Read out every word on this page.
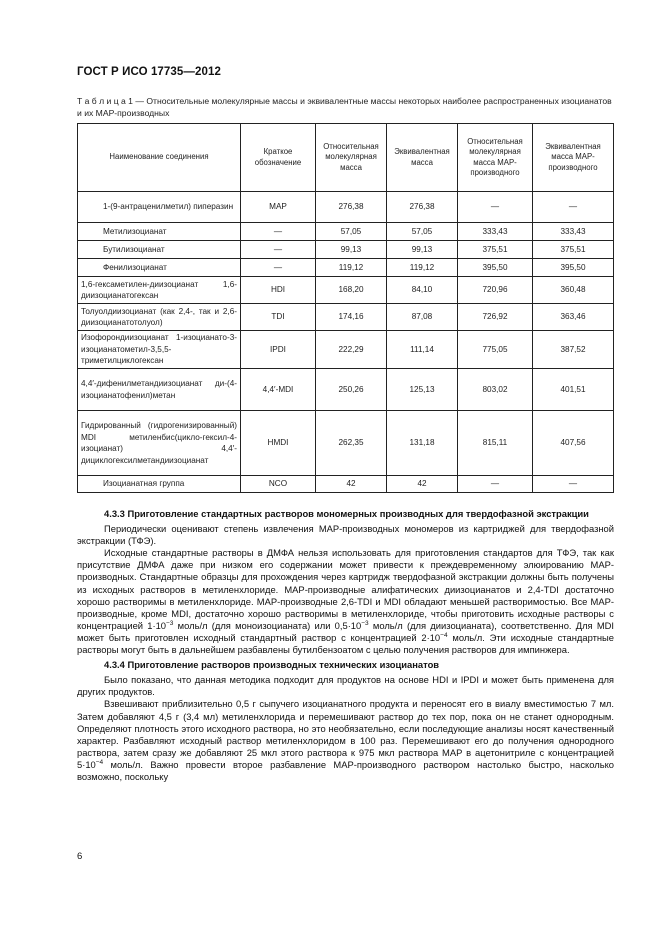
ГОСТ Р ИСО 17735—2012
Т а б л и ц а 1 — Относительные молекулярные массы и эквивалентные массы некоторых наиболее распространенных изоцианатов и их МАР-производных
Наименование соединения	Краткое обозначение	Относительная молекулярная масса	Эквивалентная масса	Относительная молекулярная масса МАР-производного	Эквивалентная масса МАР-производного
1-(9-антраценилметил) пиперазин	МАР	276,38	276,38	—	—
Метилизоцианат	—	57,05	57,05	333,43	333,43
Бутилизоцианат	—	99,13	99,13	375,51	375,51
Фенилизоцианат	—	119,12	119,12	395,50	395,50
1,6-гексаметилен-диизоцианат 1,6-диизоцианатогексан	HDI	168,20	84,10	720,96	360,48
Толуолдиизоцианат (как 2,4-, так и 2,6-диизоцианатотолуол)	TDI	174,16	87,08	726,92	363,46
Изофорондиизоцианат 1-изоцианато-3-изоцианатометил-3,5,5-триметилциклогексан	IPDI	222,29	111,14	775,05	387,52
4,4′-дифенилметандиизоцианат ди-(4-изоцианатофенил)метан	4,4′-MDI	250,26	125,13	803,02	401,51
Гидрированный (гидрогенизированный) MDI метиленбис(цикло-гексил-4-изоцианат) 4,4′-дициклогексилметандиизоцианат	HMDI	262,35	131,18	815,11	407,56
Изоцианатная группа	NCO	42	42	—	—
4.3.3 Приготовление стандартных растворов мономерных производных для твердофазной экстракции

Периодически оценивают степень извлечения МАР-производных мономеров из картриджей для твердофазной экстракции (ТФЭ).

Исходные стандартные растворы в ДМФА нельзя использовать для приготовления стандартов для ТФЭ, так как присутствие ДМФА даже при низком его содержании может привести к преждевременному элюированию МАР-производных. Стандартные образцы для прохождения через картридж твердофазной экстракции должны быть получены из исходных растворов в метиленхлориде. МАР-производные алифатических диизоцианатов и 2,4-TDI достаточно хорошо растворимы в метиленхлориде. МАР-производные 2,6-TDI и MDI обладают меньшей растворимостью. Все МАР-производные, кроме MDI, достаточно хорошо растворимы в метиленхлориде, чтобы приготовить исходные растворы с концентрацией $1\cdot 10^{-3}$ моль/л (для моноизоцианата) или $0,5\cdot 10^{-3}$ моль/л (для диизоцианата), соответственно. Для MDI может быть приготовлен исходный стандартный раствор с концентрацией $2\cdot 10^{-4}$ моль/л. Эти исходные стандартные растворы могут быть в дальнейшем разбавлены бутилбензоатом с целью получения растворов для импинжера.

4.3.4 Приготовление растворов производных технических изоцианатов

Было показано, что данная методика подходит для продуктов на основе HDI и IPDI и может быть применена для других продуктов.

Взвешивают приблизительно 0,5 г сыпучего изоцианатного продукта и переносят его в виалу вместимостью 7 мл. Затем добавляют 4,5 г (3,4 мл) метиленхлорида и перемешивают раствор до тех пор, пока он не станет однородным. Определяют плотность этого исходного раствора, но это необязательно, если последующие анализы носят качественный характер. Разбавляют исходный раствор метиленхлоридом в 100 раз. Перемешивают его до получения однородного раствора, затем сразу же добавляют 25 мкл этого раствора к 975 мкл раствора МАР в ацетонитриле с концентрацией $5\cdot 10^{-4}$ моль/л. Важно провести второе разбавление МАР-производного раствором настолько быстро, насколько возможно, поскольку

6
